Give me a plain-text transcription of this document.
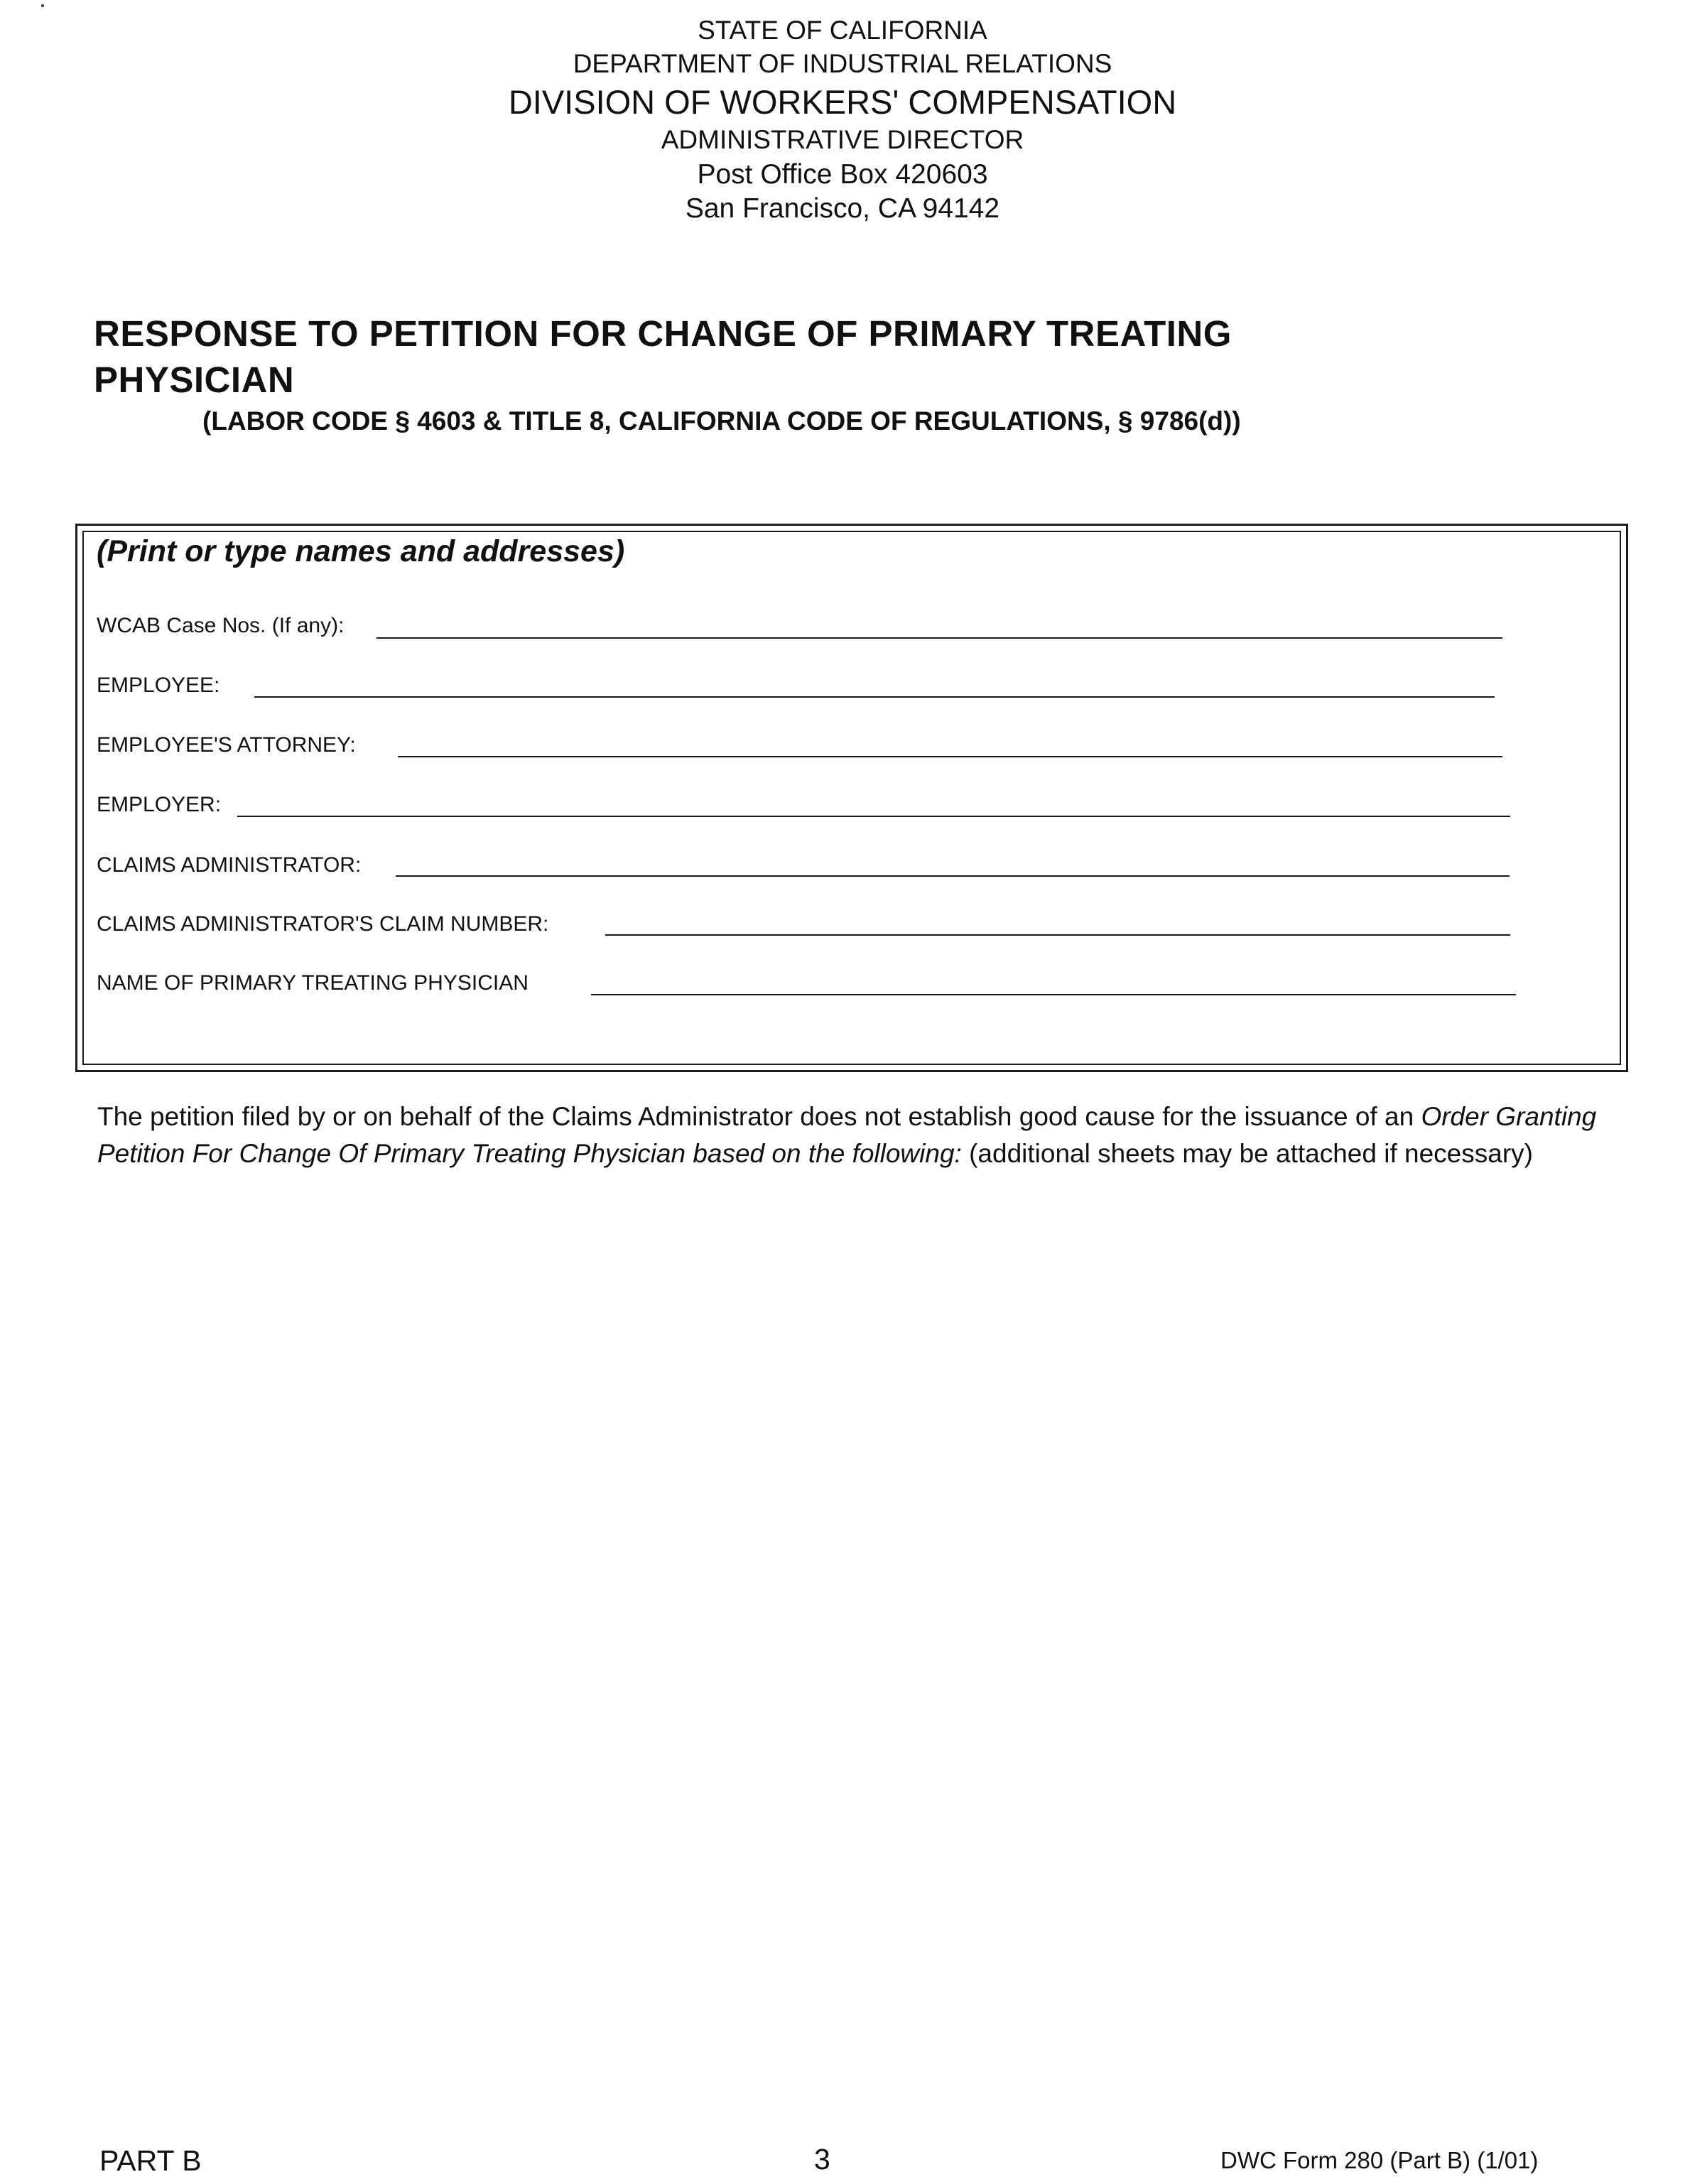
STATE OF CALIFORNIA
DEPARTMENT OF INDUSTRIAL RELATIONS
DIVISION OF WORKERS' COMPENSATION
ADMINISTRATIVE DIRECTOR
Post Office Box 420603
San Francisco, CA 94142
RESPONSE TO PETITION FOR CHANGE OF PRIMARY TREATING
PHYSICIAN
(LABOR CODE § 4603 & TITLE 8, CALIFORNIA CODE OF REGULATIONS, § 9786(d))
(Print or type names and addresses)
WCAB Case Nos. (If any):
EMPLOYEE:
EMPLOYEE'S ATTORNEY:
EMPLOYER:
CLAIMS ADMINISTRATOR:
CLAIMS ADMINISTRATOR'S CLAIM NUMBER:
NAME OF PRIMARY TREATING PHYSICIAN
The petition filed by or on behalf of the Claims Administrator does not establish good cause for the issuance of an Order Granting Petition For Change Of Primary Treating Physician based on the following: (additional sheets may be attached if necessary)
PART B	3	DWC Form 280 (Part B) (1/01)
